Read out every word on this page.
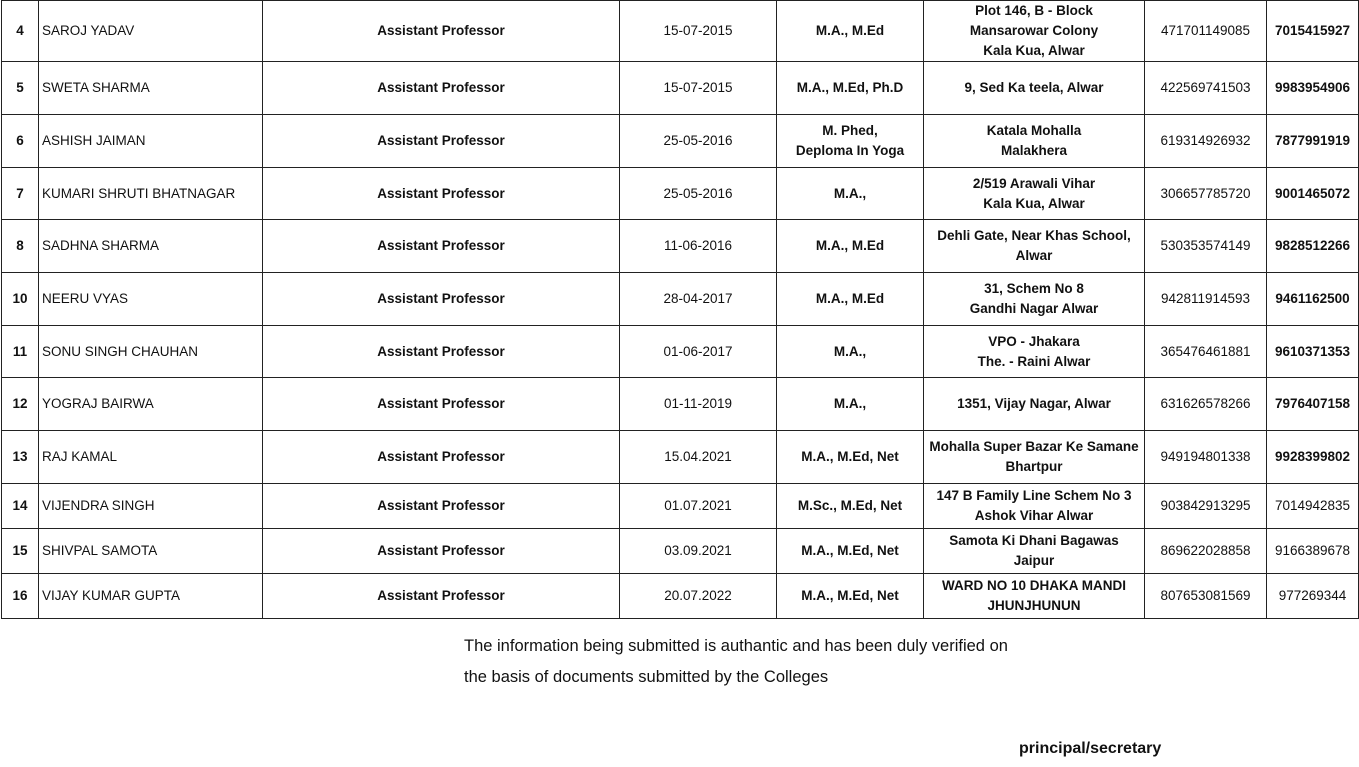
4	SAROJ YADAV	Assistant Professor	15-07-2015	M.A., M.Ed	Plot 146, B - Block
Mansarowar Colony
Kala Kua, Alwar	471701149085	7015415927
5	SWETA SHARMA	Assistant Professor	15-07-2015	M.A., M.Ed, Ph.D	9, Sed Ka teela, Alwar	422569741503	9983954906
6	ASHISH JAIMAN	Assistant Professor	25-05-2016	M. Phed,
Deploma In Yoga	Katala Mohalla
Malakhera	619314926932	7877991919
7	KUMARI SHRUTI BHATNAGAR	Assistant Professor	25-05-2016	M.A.,	2/519 Arawali Vihar
Kala Kua, Alwar	306657785720	9001465072
8	SADHNA SHARMA	Assistant Professor	11-06-2016	M.A., M.Ed	Dehli Gate, Near Khas School,
Alwar	530353574149	9828512266
10	NEERU VYAS	Assistant Professor	28-04-2017	M.A., M.Ed	31, Schem No 8
Gandhi Nagar Alwar	942811914593	9461162500
11	SONU SINGH CHAUHAN	Assistant Professor	01-06-2017	M.A.,	VPO - Jhakara
The. - Raini Alwar	365476461881	9610371353
12	YOGRAJ BAIRWA	Assistant Professor	01-11-2019	M.A.,	1351, Vijay Nagar, Alwar	631626578266	7976407158
13	RAJ KAMAL	Assistant Professor	15.04.2021	M.A., M.Ed, Net	Mohalla Super Bazar Ke Samane
Bhartpur	949194801338	9928399802
14	VIJENDRA SINGH	Assistant Professor	01.07.2021	M.Sc., M.Ed, Net	147 B Family Line Schem No 3
Ashok Vihar Alwar	903842913295	7014942835
15	SHIVPAL SAMOTA	Assistant Professor	03.09.2021	M.A., M.Ed, Net	Samota Ki Dhani Bagawas
Jaipur	869622028858	9166389678
16	VIJAY KUMAR GUPTA	Assistant Professor	20.07.2022	M.A., M.Ed, Net	WARD NO 10 DHAKA MANDI
JHUNJHUNUN	807653081569	977269344
The information being submitted is authantic and has been duly verified on
the basis of documents submitted by the Colleges
principal/secretary
